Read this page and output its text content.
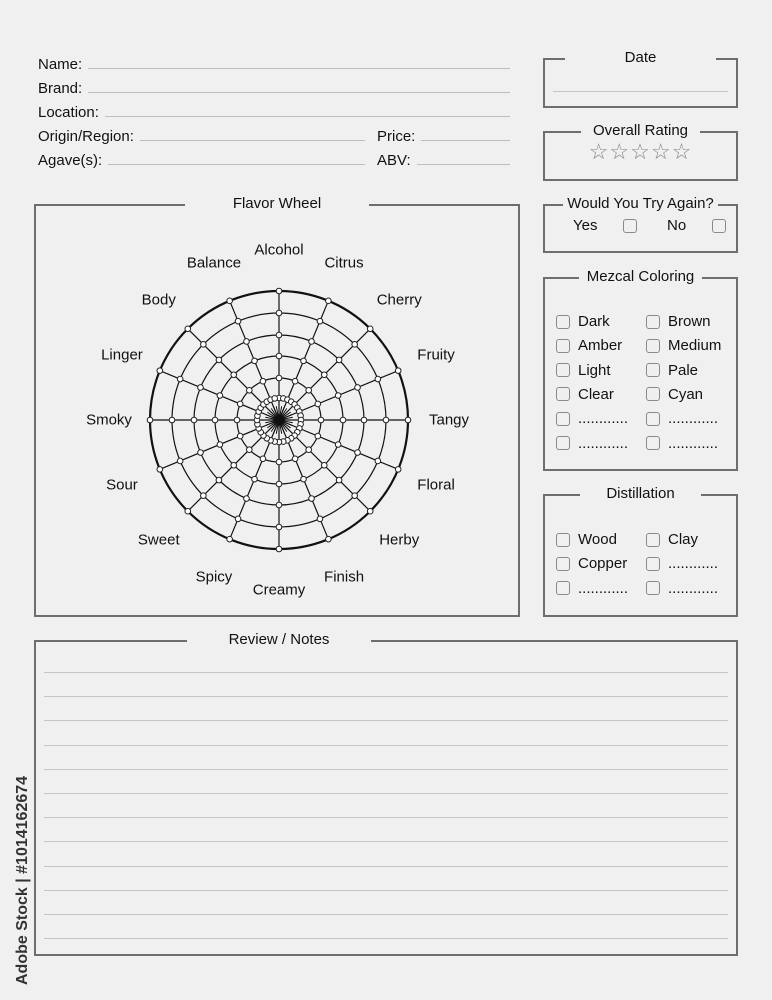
Name:
Brand:
Location:
Origin/Region:	Price:
Agave(s):	ABV:
Date
Overall Rating
☆☆☆☆☆
Would You Try Again?
Yes	No
Mezcal Coloring
Dark	Brown
Amber	Medium
Light	Pale
Clear	Cyan
............	............
............	............
Distillation
Wood	Clay
Copper	............
............	............
Flavor Wheel
Alcohol
Citrus
Cherry
Fruity
Tangy
Floral
Herby
Finish
Creamy
Spicy
Sweet
Sour
Smoky
Linger
Body
Balance
Review / Notes
Adobe Stock | #1014162674
